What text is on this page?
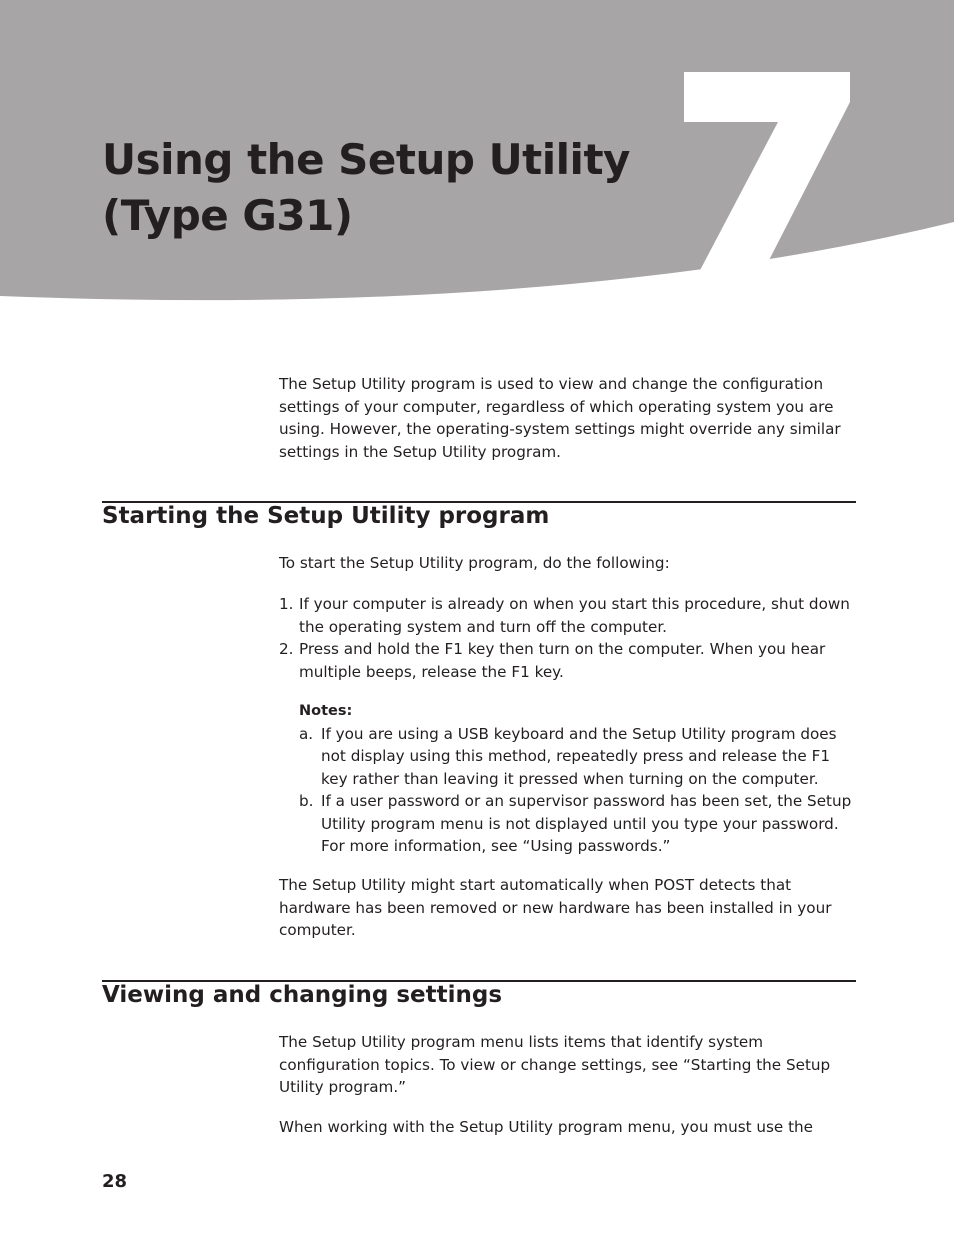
Using the Setup Utility
(Type G31)

The Setup Utility program is used to view and change the configuration settings of your computer, regardless of which operating system you are using. However, the operating-system settings might override any similar settings in the Setup Utility program.

Starting the Setup Utility program

To start the Setup Utility program, do the following:

1. If your computer is already on when you start this procedure, shut down the operating system and turn off the computer.
2. Press and hold the F1 key then turn on the computer. When you hear multiple beeps, release the F1 key.

Notes:

a. If you are using a USB keyboard and the Setup Utility program does not display using this method, repeatedly press and release the F1 key rather than leaving it pressed when turning on the computer.
b. If a user password or an supervisor password has been set, the Setup Utility program menu is not displayed until you type your password. For more information, see “Using passwords.”

The Setup Utility might start automatically when POST detects that hardware has been removed or new hardware has been installed in your computer.

Viewing and changing settings

The Setup Utility program menu lists items that identify system configuration topics. To view or change settings, see “Starting the Setup Utility program.”

When working with the Setup Utility program menu, you must use the

28
